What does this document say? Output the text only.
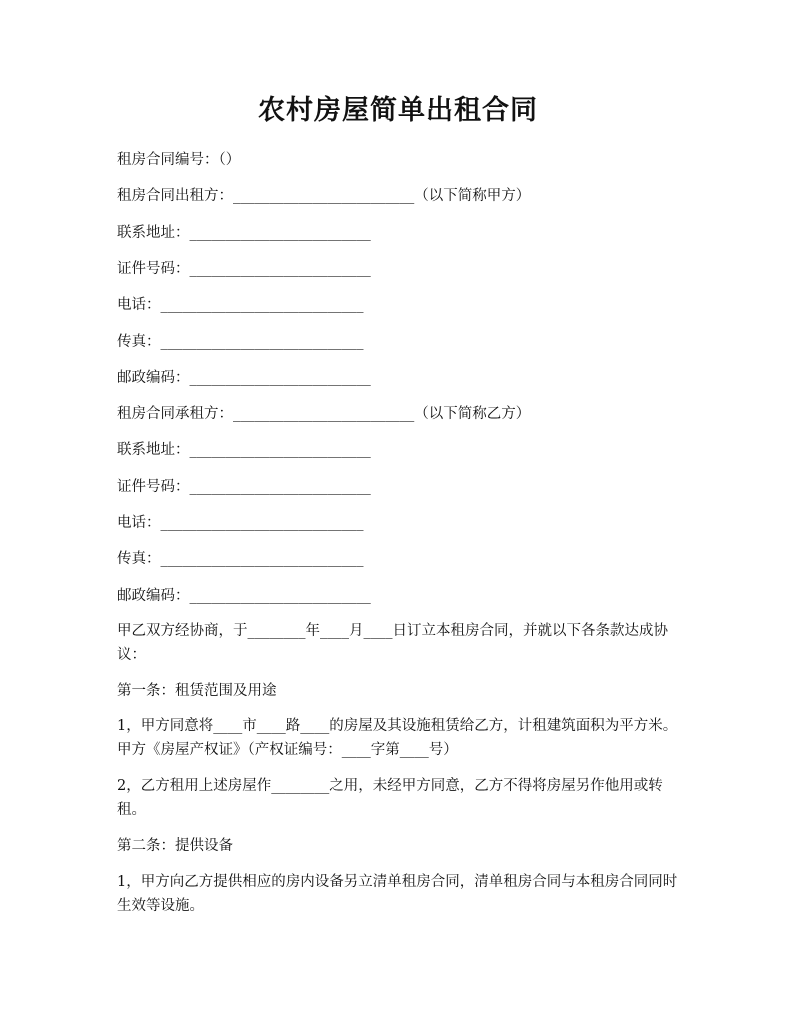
农村房屋简单出租合同

租房合同编号：（）

租房合同出租方：_________________________（以下简称甲方）

联系地址：_________________________

证件号码：_________________________

电话：____________________________

传真：____________________________

邮政编码：_________________________

租房合同承租方：_________________________（以下简称乙方）

联系地址：_________________________

证件号码：_________________________

电话：____________________________

传真：____________________________

邮政编码：_________________________

甲乙双方经协商，于________年____月____日订立本租房合同，并就以下各条款达成协议：

第一条：租赁范围及用途

1，甲方同意将____市____路____的房屋及其设施租赁给乙方，计租建筑面积为平方米。甲方《房屋产权证》（产权证编号：____字第____号）

2，乙方租用上述房屋作________之用，未经甲方同意，乙方不得将房屋另作他用或转租。

第二条：提供设备

1，甲方向乙方提供相应的房内设备另立清单租房合同，清单租房合同与本租房合同同时生效等设施。
